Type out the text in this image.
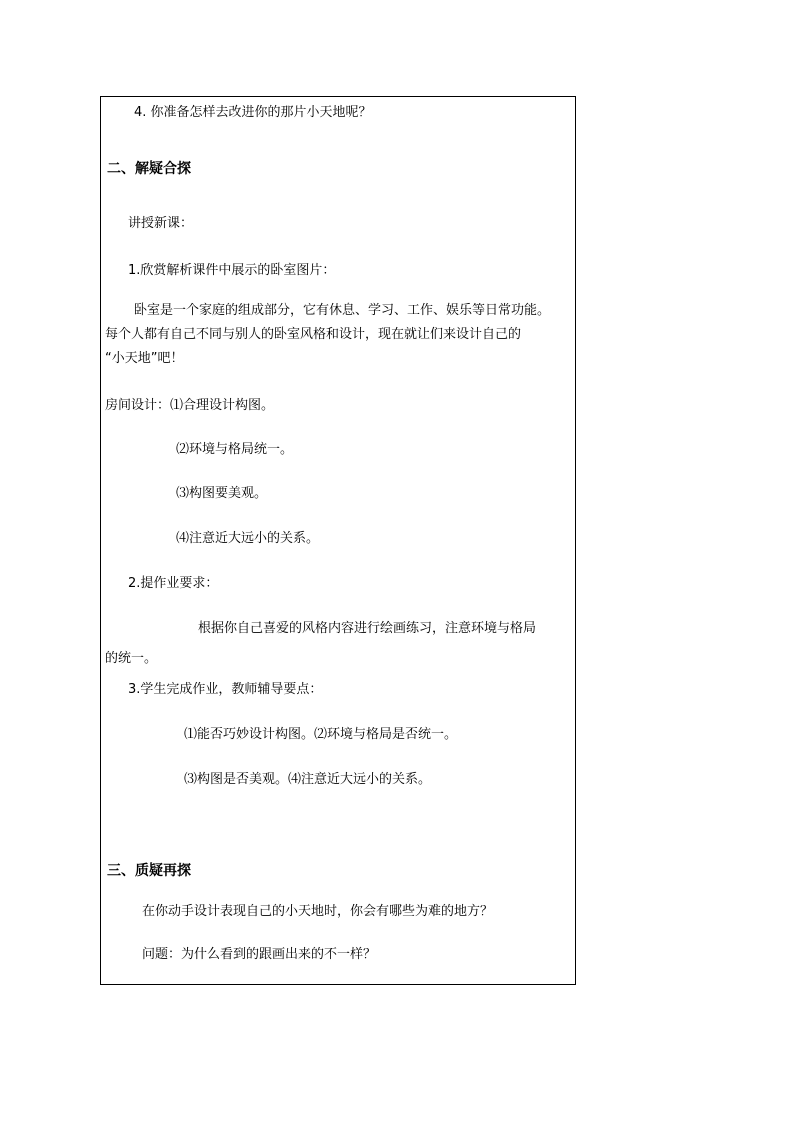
4. 你准备怎样去改进你的那片小天地呢？
二、解疑合探
讲授新课：
1.欣赏解析课件中展示的卧室图片：
卧室是一个家庭的组成部分，它有休息、学习、工作、娱乐等日常功能。
每个人都有自己不同与别人的卧室风格和设计，现在就让们来设计自己的
“小天地”吧！
房间设计：⑴合理设计构图。
⑵环境与格局统一。
⑶构图要美观。
⑷注意近大远小的关系。
2.提作业要求：
根据你自己喜爱的风格内容进行绘画练习，注意环境与格局
的统一。
3.学生完成作业，教师辅导要点：
⑴能否巧妙设计构图。⑵环境与格局是否统一。
⑶构图是否美观。⑷注意近大远小的关系。
三、质疑再探
在你动手设计表现自己的小天地时，你会有哪些为难的地方？
问题：为什么看到的跟画出来的不一样？
